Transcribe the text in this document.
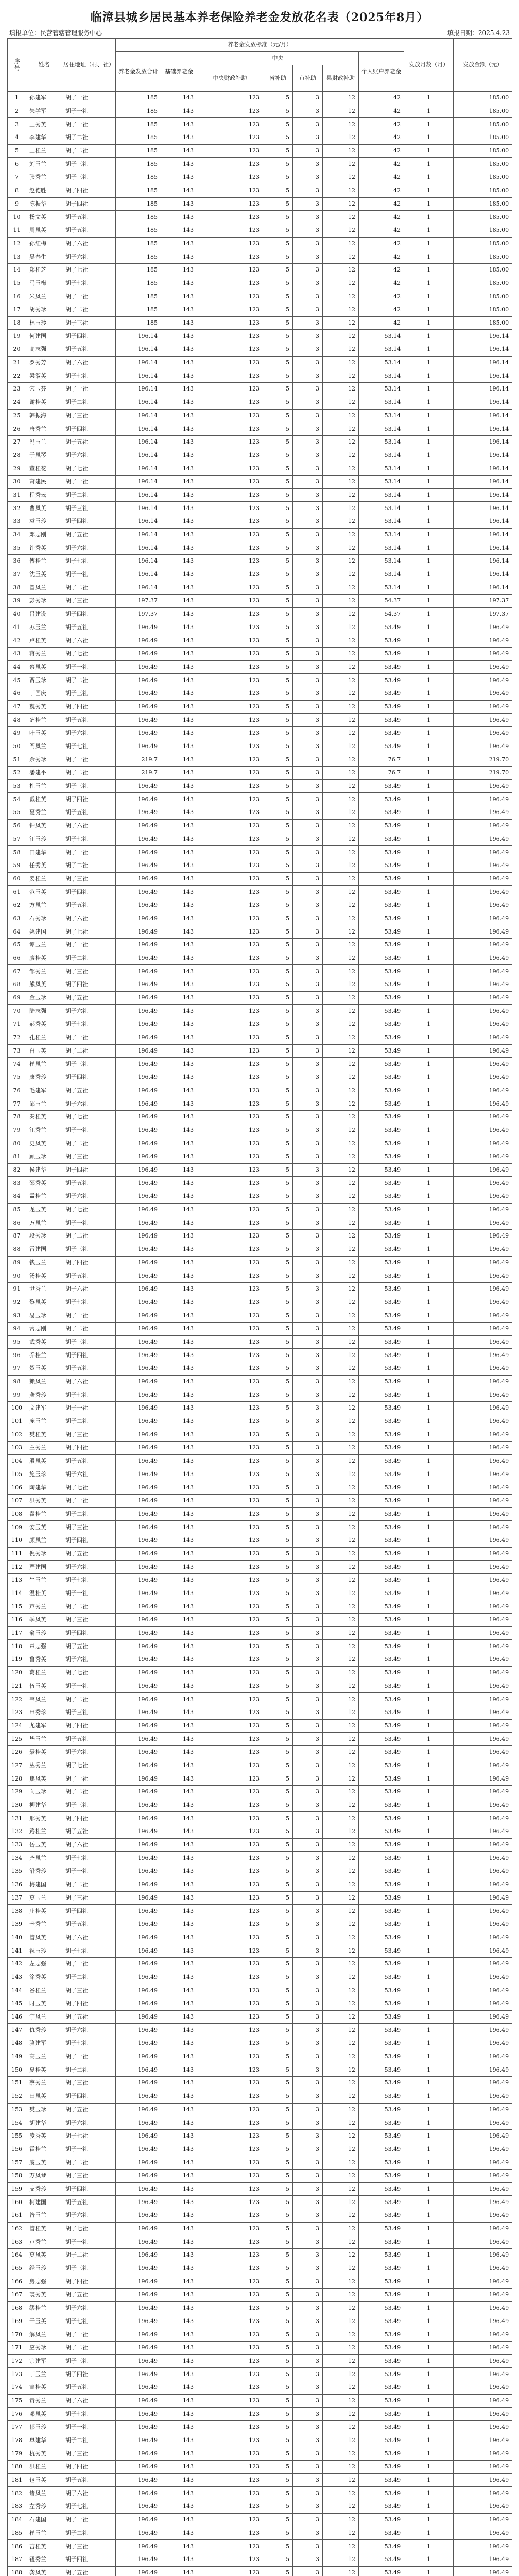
临漳县城乡居民基本养老保险养老金发放花名表（2025年8月）
填报单位：民营管辖管理服务中心	填报日期：2025.4.23
序号	姓名	居住地址（村、社）	养老金发放标准（元/月）							发放月数（月）	发放金额（元）
			养老金发放合计	基础养老金	中央				个人账户养老金		
					中央财政补助	省补助	市补助	县财政补助			
1	孙建军	胡子一社	185	143	123	5	3	12	42	1	185.00
2	朱学军	胡子一社	185	143	123	5	3	12	42	1	185.00
3	王秀英	胡子一社	185	143	123	5	3	12	42	1	185.00
4	李建华	胡子二社	185	143	123	5	3	12	42	1	185.00
5	王桂兰	胡子二社	185	143	123	5	3	12	42	1	185.00
6	刘玉兰	胡子三社	185	143	123	5	3	12	42	1	185.00
7	张秀兰	胡子三社	185	143	123	5	3	12	42	1	185.00
8	赵德胜	胡子四社	185	143	123	5	3	12	42	1	185.00
9	陈振华	胡子四社	185	143	123	5	3	12	42	1	185.00
10	杨文英	胡子五社	185	143	123	5	3	12	42	1	185.00
11	周凤英	胡子五社	185	143	123	5	3	12	42	1	185.00
12	孙红梅	胡子六社	185	143	123	5	3	12	42	1	185.00
13	吴春生	胡子六社	185	143	123	5	3	12	42	1	185.00
14	郑桂芝	胡子七社	185	143	123	5	3	12	42	1	185.00
15	马玉梅	胡子七社	185	143	123	5	3	12	42	1	185.00
16	朱凤兰	胡子一社	185	143	123	5	3	12	42	1	185.00
17	胡秀珍	胡子二社	185	143	123	5	3	12	42	1	185.00
18	林玉珍	胡子三社	185	143	123	5	3	12	42	1	185.00
19	何建国	胡子四社	196.14	143	123	5	3	12	53.14	1	196.14
20	高志强	胡子五社	196.14	143	123	5	3	12	53.14	1	196.14
21	罗秀芳	胡子六社	196.14	143	123	5	3	12	53.14	1	196.14
22	梁淑英	胡子七社	196.14	143	123	5	3	12	53.14	1	196.14
23	宋玉芬	胡子一社	196.14	143	123	5	3	12	53.14	1	196.14
24	谢桂英	胡子二社	196.14	143	123	5	3	12	53.14	1	196.14
25	韩振海	胡子三社	196.14	143	123	5	3	12	53.14	1	196.14
26	唐秀兰	胡子四社	196.14	143	123	5	3	12	53.14	1	196.14
27	冯玉兰	胡子五社	196.14	143	123	5	3	12	53.14	1	196.14
28	于凤琴	胡子六社	196.14	143	123	5	3	12	53.14	1	196.14
29	董桂花	胡子七社	196.14	143	123	5	3	12	53.14	1	196.14
30	萧建民	胡子一社	196.14	143	123	5	3	12	53.14	1	196.14
31	程秀云	胡子二社	196.14	143	123	5	3	12	53.14	1	196.14
32	曹凤英	胡子三社	196.14	143	123	5	3	12	53.14	1	196.14
33	袁玉珍	胡子四社	196.14	143	123	5	3	12	53.14	1	196.14
34	邓志刚	胡子五社	196.14	143	123	5	3	12	53.14	1	196.14
35	许秀英	胡子六社	196.14	143	123	5	3	12	53.14	1	196.14
36	傅桂兰	胡子七社	196.14	143	123	5	3	12	53.14	1	196.14
37	沈玉英	胡子一社	196.14	143	123	5	3	12	53.14	1	196.14
38	曾凤兰	胡子二社	196.14	143	123	5	3	12	53.14	1	196.14
39	彭秀珍	胡子三社	197.37	143	123	5	3	12	54.37	1	197.37
40	吕建设	胡子四社	197.37	143	123	5	3	12	54.37	1	197.37
41	苏玉兰	胡子五社	196.49	143	123	5	3	12	53.49	1	196.49
42	卢桂英	胡子六社	196.49	143	123	5	3	12	53.49	1	196.49
43	蒋秀兰	胡子七社	196.49	143	123	5	3	12	53.49	1	196.49
44	蔡凤英	胡子一社	196.49	143	123	5	3	12	53.49	1	196.49
45	贾玉珍	胡子二社	196.49	143	123	5	3	12	53.49	1	196.49
46	丁国庆	胡子三社	196.49	143	123	5	3	12	53.49	1	196.49
47	魏秀英	胡子四社	196.49	143	123	5	3	12	53.49	1	196.49
48	薛桂兰	胡子五社	196.49	143	123	5	3	12	53.49	1	196.49
49	叶玉英	胡子六社	196.49	143	123	5	3	12	53.49	1	196.49
50	阎凤兰	胡子七社	196.49	143	123	5	3	12	53.49	1	196.49
51	余秀珍	胡子一社	219.7	143	123	5	3	12	76.7	1	219.70
52	潘建平	胡子二社	219.7	143	123	5	3	12	76.7	1	219.70
53	杜玉兰	胡子三社	196.49	143	123	5	3	12	53.49	1	196.49
54	戴桂英	胡子四社	196.49	143	123	5	3	12	53.49	1	196.49
55	夏秀兰	胡子五社	196.49	143	123	5	3	12	53.49	1	196.49
56	钟凤英	胡子六社	196.49	143	123	5	3	12	53.49	1	196.49
57	汪玉珍	胡子七社	196.49	143	123	5	3	12	53.49	1	196.49
58	田建华	胡子一社	196.49	143	123	5	3	12	53.49	1	196.49
59	任秀英	胡子二社	196.49	143	123	5	3	12	53.49	1	196.49
60	姜桂兰	胡子三社	196.49	143	123	5	3	12	53.49	1	196.49
61	范玉英	胡子四社	196.49	143	123	5	3	12	53.49	1	196.49
62	方凤兰	胡子五社	196.49	143	123	5	3	12	53.49	1	196.49
63	石秀珍	胡子六社	196.49	143	123	5	3	12	53.49	1	196.49
64	姚建国	胡子七社	196.49	143	123	5	3	12	53.49	1	196.49
65	谭玉兰	胡子一社	196.49	143	123	5	3	12	53.49	1	196.49
66	廖桂英	胡子二社	196.49	143	123	5	3	12	53.49	1	196.49
67	邹秀兰	胡子三社	196.49	143	123	5	3	12	53.49	1	196.49
68	熊凤英	胡子四社	196.49	143	123	5	3	12	53.49	1	196.49
69	金玉珍	胡子五社	196.49	143	123	5	3	12	53.49	1	196.49
70	陆志强	胡子六社	196.49	143	123	5	3	12	53.49	1	196.49
71	郝秀英	胡子七社	196.49	143	123	5	3	12	53.49	1	196.49
72	孔桂兰	胡子一社	196.49	143	123	5	3	12	53.49	1	196.49
73	白玉英	胡子二社	196.49	143	123	5	3	12	53.49	1	196.49
74	崔凤兰	胡子三社	196.49	143	123	5	3	12	53.49	1	196.49
75	康秀珍	胡子四社	196.49	143	123	5	3	12	53.49	1	196.49
76	毛建军	胡子五社	196.49	143	123	5	3	12	53.49	1	196.49
77	邱玉兰	胡子六社	196.49	143	123	5	3	12	53.49	1	196.49
78	秦桂英	胡子七社	196.49	143	123	5	3	12	53.49	1	196.49
79	江秀兰	胡子一社	196.49	143	123	5	3	12	53.49	1	196.49
80	史凤英	胡子二社	196.49	143	123	5	3	12	53.49	1	196.49
81	顾玉珍	胡子三社	196.49	143	123	5	3	12	53.49	1	196.49
82	侯建华	胡子四社	196.49	143	123	5	3	12	53.49	1	196.49
83	邵秀英	胡子五社	196.49	143	123	5	3	12	53.49	1	196.49
84	孟桂兰	胡子六社	196.49	143	123	5	3	12	53.49	1	196.49
85	龙玉英	胡子七社	196.49	143	123	5	3	12	53.49	1	196.49
86	万凤兰	胡子一社	196.49	143	123	5	3	12	53.49	1	196.49
87	段秀珍	胡子二社	196.49	143	123	5	3	12	53.49	1	196.49
88	雷建国	胡子三社	196.49	143	123	5	3	12	53.49	1	196.49
89	钱玉兰	胡子四社	196.49	143	123	5	3	12	53.49	1	196.49
90	汤桂英	胡子五社	196.49	143	123	5	3	12	53.49	1	196.49
91	尹秀兰	胡子六社	196.49	143	123	5	3	12	53.49	1	196.49
92	黎凤英	胡子七社	196.49	143	123	5	3	12	53.49	1	196.49
93	易玉珍	胡子一社	196.49	143	123	5	3	12	53.49	1	196.49
94	常志刚	胡子二社	196.49	143	123	5	3	12	53.49	1	196.49
95	武秀英	胡子三社	196.49	143	123	5	3	12	53.49	1	196.49
96	乔桂兰	胡子四社	196.49	143	123	5	3	12	53.49	1	196.49
97	贺玉英	胡子五社	196.49	143	123	5	3	12	53.49	1	196.49
98	赖凤兰	胡子六社	196.49	143	123	5	3	12	53.49	1	196.49
99	龚秀珍	胡子七社	196.49	143	123	5	3	12	53.49	1	196.49
100	文建军	胡子一社	196.49	143	123	5	3	12	53.49	1	196.49
101	庞玉兰	胡子二社	196.49	143	123	5	3	12	53.49	1	196.49
102	樊桂英	胡子三社	196.49	143	123	5	3	12	53.49	1	196.49
103	兰秀兰	胡子四社	196.49	143	123	5	3	12	53.49	1	196.49
104	殷凤英	胡子五社	196.49	143	123	5	3	12	53.49	1	196.49
105	施玉珍	胡子六社	196.49	143	123	5	3	12	53.49	1	196.49
106	陶建华	胡子七社	196.49	143	123	5	3	12	53.49	1	196.49
107	洪秀英	胡子一社	196.49	143	123	5	3	12	53.49	1	196.49
108	翟桂兰	胡子二社	196.49	143	123	5	3	12	53.49	1	196.49
109	安玉英	胡子三社	196.49	143	123	5	3	12	53.49	1	196.49
110	颜凤兰	胡子四社	196.49	143	123	5	3	12	53.49	1	196.49
111	倪秀珍	胡子五社	196.49	143	123	5	3	12	53.49	1	196.49
112	严建国	胡子六社	196.49	143	123	5	3	12	53.49	1	196.49
113	牛玉兰	胡子七社	196.49	143	123	5	3	12	53.49	1	196.49
114	温桂英	胡子一社	196.49	143	123	5	3	12	53.49	1	196.49
115	芦秀兰	胡子二社	196.49	143	123	5	3	12	53.49	1	196.49
116	季凤英	胡子三社	196.49	143	123	5	3	12	53.49	1	196.49
117	俞玉珍	胡子四社	196.49	143	123	5	3	12	53.49	1	196.49
118	章志强	胡子五社	196.49	143	123	5	3	12	53.49	1	196.49
119	鲁秀英	胡子六社	196.49	143	123	5	3	12	53.49	1	196.49
120	葛桂兰	胡子七社	196.49	143	123	5	3	12	53.49	1	196.49
121	伍玉英	胡子一社	196.49	143	123	5	3	12	53.49	1	196.49
122	韦凤兰	胡子二社	196.49	143	123	5	3	12	53.49	1	196.49
123	申秀珍	胡子三社	196.49	143	123	5	3	12	53.49	1	196.49
124	尤建军	胡子四社	196.49	143	123	5	3	12	53.49	1	196.49
125	毕玉兰	胡子五社	196.49	143	123	5	3	12	53.49	1	196.49
126	聂桂英	胡子六社	196.49	143	123	5	3	12	53.49	1	196.49
127	丛秀兰	胡子七社	196.49	143	123	5	3	12	53.49	1	196.49
128	焦凤英	胡子一社	196.49	143	123	5	3	12	53.49	1	196.49
129	向玉珍	胡子二社	196.49	143	123	5	3	12	53.49	1	196.49
130	柳建华	胡子三社	196.49	143	123	5	3	12	53.49	1	196.49
131	邢秀英	胡子四社	196.49	143	123	5	3	12	53.49	1	196.49
132	路桂兰	胡子五社	196.49	143	123	5	3	12	53.49	1	196.49
133	岳玉英	胡子六社	196.49	143	123	5	3	12	53.49	1	196.49
134	齐凤兰	胡子七社	196.49	143	123	5	3	12	53.49	1	196.49
135	沿秀珍	胡子一社	196.49	143	123	5	3	12	53.49	1	196.49
136	梅建国	胡子二社	196.49	143	123	5	3	12	53.49	1	196.49
137	莫玉兰	胡子三社	196.49	143	123	5	3	12	53.49	1	196.49
138	庄桂英	胡子四社	196.49	143	123	5	3	12	53.49	1	196.49
139	辛秀兰	胡子五社	196.49	143	123	5	3	12	53.49	1	196.49
140	管凤英	胡子六社	196.49	143	123	5	3	12	53.49	1	196.49
141	祝玉珍	胡子七社	196.49	143	123	5	3	12	53.49	1	196.49
142	左志强	胡子一社	196.49	143	123	5	3	12	53.49	1	196.49
143	涂秀英	胡子二社	196.49	143	123	5	3	12	53.49	1	196.49
144	谷桂兰	胡子三社	196.49	143	123	5	3	12	53.49	1	196.49
145	时玉英	胡子四社	196.49	143	123	5	3	12	53.49	1	196.49
146	宁凤兰	胡子五社	196.49	143	123	5	3	12	53.49	1	196.49
147	仇秀珍	胡子六社	196.49	143	123	5	3	12	53.49	1	196.49
148	骆建军	胡子七社	196.49	143	123	5	3	12	53.49	1	196.49
149	高玉兰	胡子一社	196.49	143	123	5	3	12	53.49	1	196.49
150	夏桂英	胡子二社	196.49	143	123	5	3	12	53.49	1	196.49
151	蔡秀兰	胡子三社	196.49	143	123	5	3	12	53.49	1	196.49
152	田凤英	胡子四社	196.49	143	123	5	3	12	53.49	1	196.49
153	樊玉珍	胡子五社	196.49	143	123	5	3	12	53.49	1	196.49
154	胡建华	胡子六社	196.49	143	123	5	3	12	53.49	1	196.49
155	凌秀英	胡子七社	196.49	143	123	5	3	12	53.49	1	196.49
156	霍桂兰	胡子一社	196.49	143	123	5	3	12	53.49	1	196.49
157	虞玉英	胡子二社	196.49	143	123	5	3	12	53.49	1	196.49
158	万凤琴	胡子三社	196.49	143	123	5	3	12	53.49	1	196.49
159	支秀珍	胡子四社	196.49	143	123	5	3	12	53.49	1	196.49
160	柯建国	胡子五社	196.49	143	123	5	3	12	53.49	1	196.49
161	昝玉兰	胡子六社	196.49	143	123	5	3	12	53.49	1	196.49
162	管桂英	胡子七社	196.49	143	123	5	3	12	53.49	1	196.49
163	卢秀兰	胡子一社	196.49	143	123	5	3	12	53.49	1	196.49
164	莫凤英	胡子二社	196.49	143	123	5	3	12	53.49	1	196.49
165	经玉珍	胡子三社	196.49	143	123	5	3	12	53.49	1	196.49
166	房志强	胡子四社	196.49	143	123	5	3	12	53.49	1	196.49
167	裘秀英	胡子五社	196.49	143	123	5	3	12	53.49	1	196.49
168	缪桂兰	胡子六社	196.49	143	123	5	3	12	53.49	1	196.49
169	干玉英	胡子七社	196.49	143	123	5	3	12	53.49	1	196.49
170	解凤兰	胡子一社	196.49	143	123	5	3	12	53.49	1	196.49
171	应秀珍	胡子二社	196.49	143	123	5	3	12	53.49	1	196.49
172	宗建军	胡子三社	196.49	143	123	5	3	12	53.49	1	196.49
173	丁玉兰	胡子四社	196.49	143	123	5	3	12	53.49	1	196.49
174	宣桂英	胡子五社	196.49	143	123	5	3	12	53.49	1	196.49
175	贲秀兰	胡子六社	196.49	143	123	5	3	12	53.49	1	196.49
176	邓凤英	胡子七社	196.49	143	123	5	3	12	53.49	1	196.49
177	郁玉珍	胡子一社	196.49	143	123	5	3	12	53.49	1	196.49
178	单建华	胡子二社	196.49	143	123	5	3	12	53.49	1	196.49
179	杭秀英	胡子三社	196.49	143	123	5	3	12	53.49	1	196.49
180	洪桂兰	胡子四社	196.49	143	123	5	3	12	53.49	1	196.49
181	包玉英	胡子五社	196.49	143	123	5	3	12	53.49	1	196.49
182	诸凤兰	胡子六社	196.49	143	123	5	3	12	53.49	1	196.49
183	左秀珍	胡子七社	196.49	143	123	5	3	12	53.49	1	196.49
184	石建国	胡子一社	196.49	143	123	5	3	12	53.49	1	196.49
185	崔玉兰	胡子二社	196.49	143	123	5	3	12	53.49	1	196.49
186	吉桂英	胡子三社	196.49	143	123	5	3	12	53.49	1	196.49
187	钮秀兰	胡子四社	196.49	143	123	5	3	12	53.49	1	196.49
188	龚凤英	胡子五社	196.49	143	123	5	3	12	53.49	1	196.49
